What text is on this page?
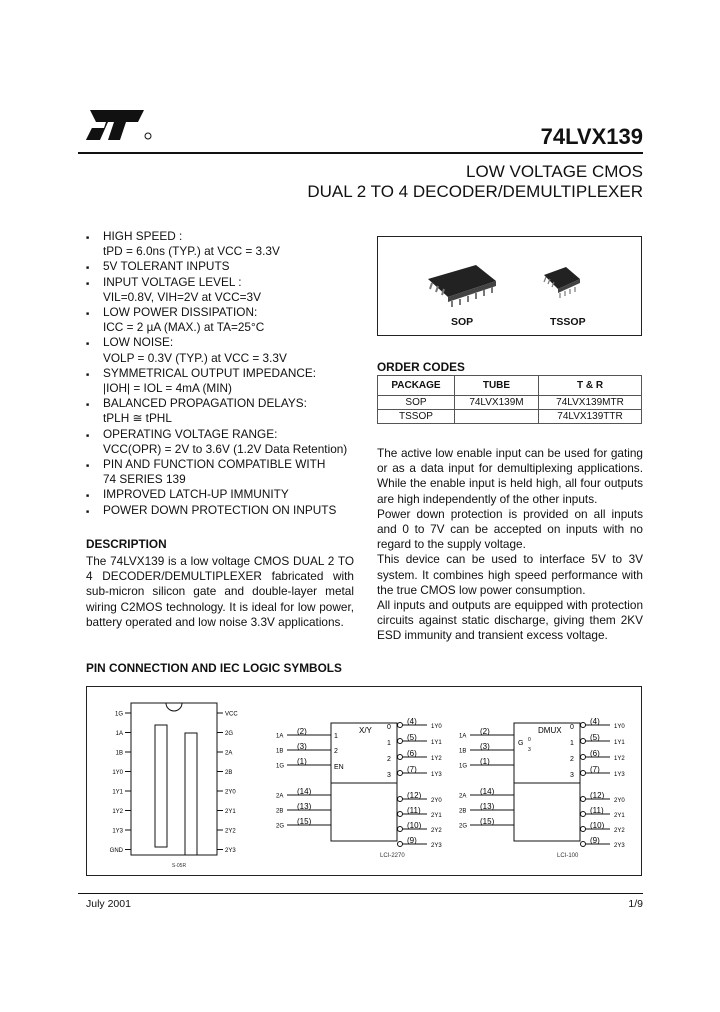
74LVX139
LOW VOLTAGE CMOS
DUAL 2 TO 4 DECODER/DEMULTIPLEXER
■ HIGH SPEED :
tPD = 6.0ns (TYP.) at VCC = 3.3V
■ 5V TOLERANT INPUTS
■ INPUT VOLTAGE LEVEL :
VIL=0.8V, VIH=2V at VCC=3V
■ LOW POWER DISSIPATION:
ICC = 2 µA (MAX.) at TA=25°C
■ LOW NOISE:
VOLP = 0.3V (TYP.) at VCC = 3.3V
■ SYMMETRICAL OUTPUT IMPEDANCE:
|IOH| = IOL = 4mA (MIN)
■ BALANCED PROPAGATION DELAYS:
tPLH ≅ tPHL
■ OPERATING VOLTAGE RANGE:
VCC(OPR) = 2V to 3.6V (1.2V Data Retention)
■ PIN AND FUNCTION COMPATIBLE WITH
74 SERIES 139
■ IMPROVED LATCH-UP IMMUNITY
■ POWER DOWN PROTECTION ON INPUTS
SOP	TSSOP
ORDER CODES
PACKAGE	TUBE	T & R
SOP	74LVX139M	74LVX139MTR
TSSOP		74LVX139TTR
DESCRIPTION
The 74LVX139 is a low voltage CMOS DUAL 2 TO 4 DECODER/DEMULTIPLEXER fabricated with sub-micron silicon gate and double-layer metal wiring C2MOS technology. It is ideal for low power, battery operated and low noise 3.3V applications.
The active low enable input can be used for gating or as a data input for demultiplexing applications. While the enable input is held high, all four outputs are high independently of the other inputs.
Power down protection is provided on all inputs and 0 to 7V can be accepted on inputs with no regard to the supply voltage.
This device can be used to interface 5V to 3V system. It combines high speed performance with the true CMOS low power consumption.
All inputs and outputs are equipped with protection circuits against static discharge, giving them 2KV ESD immunity and transient excess voltage.
PIN CONNECTION AND IEC LOGIC SYMBOLS
1G
1A
1B
1Y0
1Y1
1Y2
1Y3
GND
VCC
2G
2A
2B
2Y0
2Y1
2Y2
2Y3
S-05R
X/Y
1
2
EN
1A
(2)
1B
(3)
1G
(1)
2A
(14)
2B
(13)
2G
(15)
(4)
1Y0
(5)
1Y1
(6)
1Y2
(7)
1Y3
(12)
2Y0
(11)
2Y1
(10)
2Y2
(9)
2Y3
0
1
2
3
LCI-2270
DMUX
G 0
3
1A
(2)
1B
(3)
1G
(1)
2A
(14)
2B
(13)
2G
(15)
(4)
1Y0
(5)
1Y1
(6)
1Y2
(7)
1Y3
(12)
2Y0
(11)
2Y1
(10)
2Y2
(9)
2Y3
0
1
2
3
LCI-100
July 2001	1/9
